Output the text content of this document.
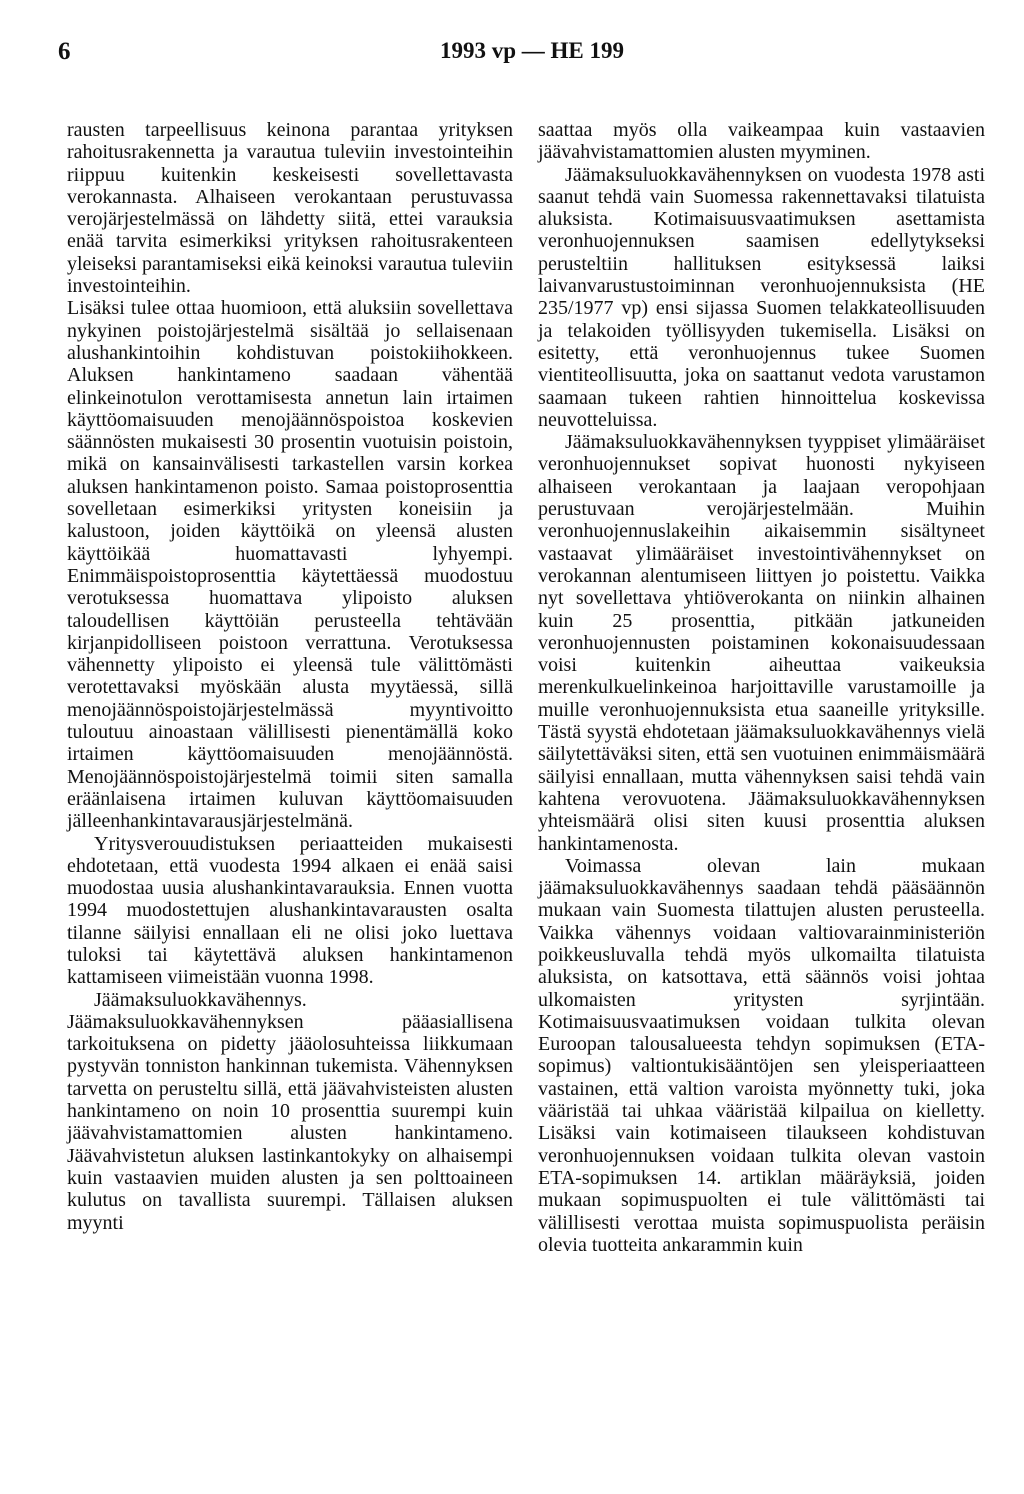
6	1993 vp — HE 199

rausten tarpeellisuus keinona parantaa yrityksen rahoitusrakennetta ja varautua tuleviin investointeihin riippuu kuitenkin keskeisesti sovellettavasta verokannasta. Alhaiseen verokantaan perustuvassa verojärjestelmässä on lähdetty siitä, ettei varauksia enää tarvita esimerkiksi yrityksen rahoitusrakenteen yleiseksi parantamiseksi eikä keinoksi varautua tuleviin investointeihin.

Lisäksi tulee ottaa huomioon, että aluksiin sovellettava nykyinen poistojärjestelmä sisältää jo sellaisenaan alushankintoihin kohdistuvan poistokiihokkeen. Aluksen hankintameno saadaan vähentää elinkeinotulon verottamisesta annetun lain irtaimen käyttöomaisuuden menojäännöspoistoa koskevien säännösten mukaisesti 30 prosentin vuotuisin poistoin, mikä on kansainvälisesti tarkastellen varsin korkea aluksen hankintamenon poisto. Samaa poistoprosenttia sovelletaan esimerkiksi yritysten koneisiin ja kalustoon, joiden käyttöikä on yleensä alusten käyttöikää huomattavasti lyhyempi. Enimmäispoistoprosenttia käytettäessä muodostuu verotuksessa huomattava ylipoisto aluksen taloudellisen käyttöiän perusteella tehtävään kirjanpidolliseen poistoon verrattuna. Verotuksessa vähennetty ylipoisto ei yleensä tule välittömästi verotettavaksi myöskään alusta myytäessä, sillä menojäännöspoistojärjestelmässä myyntivoitto tuloutuu ainoastaan välillisesti pienentämällä koko irtaimen käyttöomaisuuden menojäännöstä. Menojäännöspoistojärjestelmä toimii siten samalla eräänlaisena irtaimen kuluvan käyttöomaisuuden jälleenhankintavarausjärjestelmänä.

Yritysverouudistuksen periaatteiden mukaisesti ehdotetaan, että vuodesta 1994 alkaen ei enää saisi muodostaa uusia alushankintavarauksia. Ennen vuotta 1994 muodostettujen alushankintavarausten osalta tilanne säilyisi ennallaan eli ne olisi joko luettava tuloksi tai käytettävä aluksen hankintamenon kattamiseen viimeistään vuonna 1998.

Jäämaksuluokkavähennys. Jäämaksuluokkavähennyksen pääasiallisena tarkoituksena on pidetty jääolosuhteissa liikkumaan pystyvän tonniston hankinnan tukemista. Vähennyksen tarvetta on perusteltu sillä, että jäävahvisteisten alusten hankintameno on noin 10 prosenttia suurempi kuin jäävahvistamattomien alusten hankintameno. Jäävahvistetun aluksen lastinkantokyky on alhaisempi kuin vastaavien muiden alusten ja sen polttoaineen kulutus on tavallista suurempi. Tällaisen aluksen myynti

saattaa myös olla vaikeampaa kuin vastaavien jäävahvistamattomien alusten myyminen.

Jäämaksuluokkavähennyksen on vuodesta 1978 asti saanut tehdä vain Suomessa rakennettavaksi tilatuista aluksista. Kotimaisuusvaatimuksen asettamista veronhuojennuksen saamisen edellytykseksi perusteltiin hallituksen esityksessä laiksi laivanvarustustoiminnan veronhuojennuksista (HE 235/1977 vp) ensi sijassa Suomen telakkateollisuuden ja telakoiden työllisyyden tukemisella. Lisäksi on esitetty, että veronhuojennus tukee Suomen vientiteollisuutta, joka on saattanut vedota varustamon saamaan tukeen rahtien hinnoittelua koskevissa neuvotteluissa.

Jäämaksuluokkavähennyksen tyyppiset ylimääräiset veronhuojennukset sopivat huonosti nykyiseen alhaiseen verokantaan ja laajaan veropohjaan perustuvaan verojärjestelmään. Muihin veronhuojennuslakeihin aikaisemmin sisältyneet vastaavat ylimääräiset investointivähennykset on verokannan alentumiseen liittyen jo poistettu. Vaikka nyt sovellettava yhtiöverokanta on niinkin alhainen kuin 25 prosenttia, pitkään jatkuneiden veronhuojennusten poistaminen kokonaisuudessaan voisi kuitenkin aiheuttaa vaikeuksia merenkulkuelinkeinoa harjoittaville varustamoille ja muille veronhuojennuksista etua saaneille yrityksille. Tästä syystä ehdotetaan jäämaksuluokkavähennys vielä säilytettäväksi siten, että sen vuotuinen enimmäismäärä säilyisi ennallaan, mutta vähennyksen saisi tehdä vain kahtena verovuotena. Jäämaksuluokkavähennyksen yhteismäärä olisi siten kuusi prosenttia aluksen hankintamenosta.

Voimassa olevan lain mukaan jäämaksuluokkavähennys saadaan tehdä pääsäännön mukaan vain Suomesta tilattujen alusten perusteella. Vaikka vähennys voidaan valtiovarainministeriön poikkeusluvalla tehdä myös ulkomailta tilatuista aluksista, on katsottava, että säännös voisi johtaa ulkomaisten yritysten syrjintään. Kotimaisuusvaatimuksen voidaan tulkita olevan Euroopan talousalueesta tehdyn sopimuksen (ETA-sopimus) valtiontukisääntöjen sen yleisperiaatteen vastainen, että valtion varoista myönnetty tuki, joka vääristää tai uhkaa vääristää kilpailua on kielletty. Lisäksi vain kotimaiseen tilaukseen kohdistuvan veronhuojennuksen voidaan tulkita olevan vastoin ETA-sopimuksen 14. artiklan määräyksiä, joiden mukaan sopimuspuolten ei tule välittömästi tai välillisesti verottaa muista sopimuspuolista peräisin olevia tuotteita ankarammin kuin
